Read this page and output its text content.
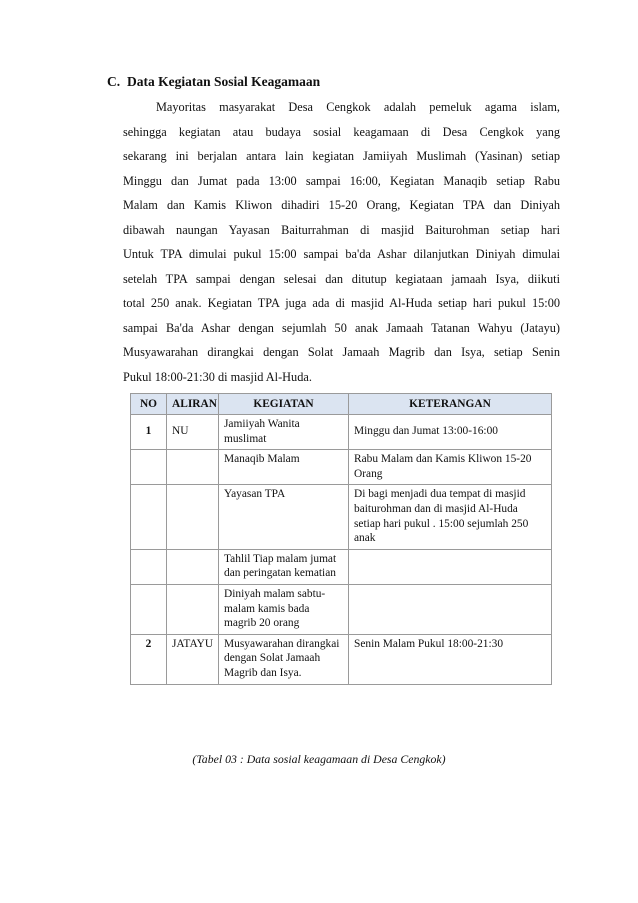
C. Data Kegiatan Sosial Keagamaan
Mayoritas masyarakat Desa Cengkok adalah pemeluk agama islam,
sehingga kegiatan atau budaya sosial keagamaan di Desa Cengkok yang
sekarang ini berjalan antara lain kegiatan Jamiiyah Muslimah (Yasinan) setiap
Minggu dan Jumat pada 13:00 sampai 16:00, Kegiatan Manaqib setiap Rabu
Malam dan Kamis Kliwon dihadiri 15-20 Orang, Kegiatan TPA dan Diniyah
dibawah naungan Yayasan Baiturrahman di masjid Baiturohman setiap hari
Untuk TPA dimulai pukul 15:00 sampai ba'da Ashar dilanjutkan Diniyah dimulai
setelah TPA sampai dengan selesai dan ditutup kegiataan jamaah Isya, diikuti
total 250 anak. Kegiatan TPA juga ada di masjid Al-Huda setiap hari pukul 15:00
sampai Ba'da Ashar dengan sejumlah 50 anak Jamaah Tatanan Wahyu (Jatayu)
Musyawarahan dirangkai dengan Solat Jamaah Magrib dan Isya, setiap Senin
Pukul 18:00-21:30 di masjid Al-Huda.
NO	ALIRAN	KEGIATAN	KETERANGAN
1	NU	Jamiiyah Wanita muslimat	Minggu dan Jumat 13:00-16:00
		Manaqib Malam	Rabu Malam dan Kamis Kliwon 15-20 Orang
		Yayasan TPA	Di bagi menjadi dua tempat di masjid baiturohman dan di masjid Al-Huda setiap hari pukul . 15:00 sejumlah 250 anak
		Tahlil Tiap malam jumat dan peringatan kematian	
		Diniyah malam sabtu-malam kamis bada magrib 20 orang	
2	JATAYU	Musyawarahan dirangkai dengan Solat Jamaah Magrib dan Isya.	Senin Malam Pukul 18:00-21:30
(Tabel 03 : Data sosial keagamaan di Desa Cengkok)
